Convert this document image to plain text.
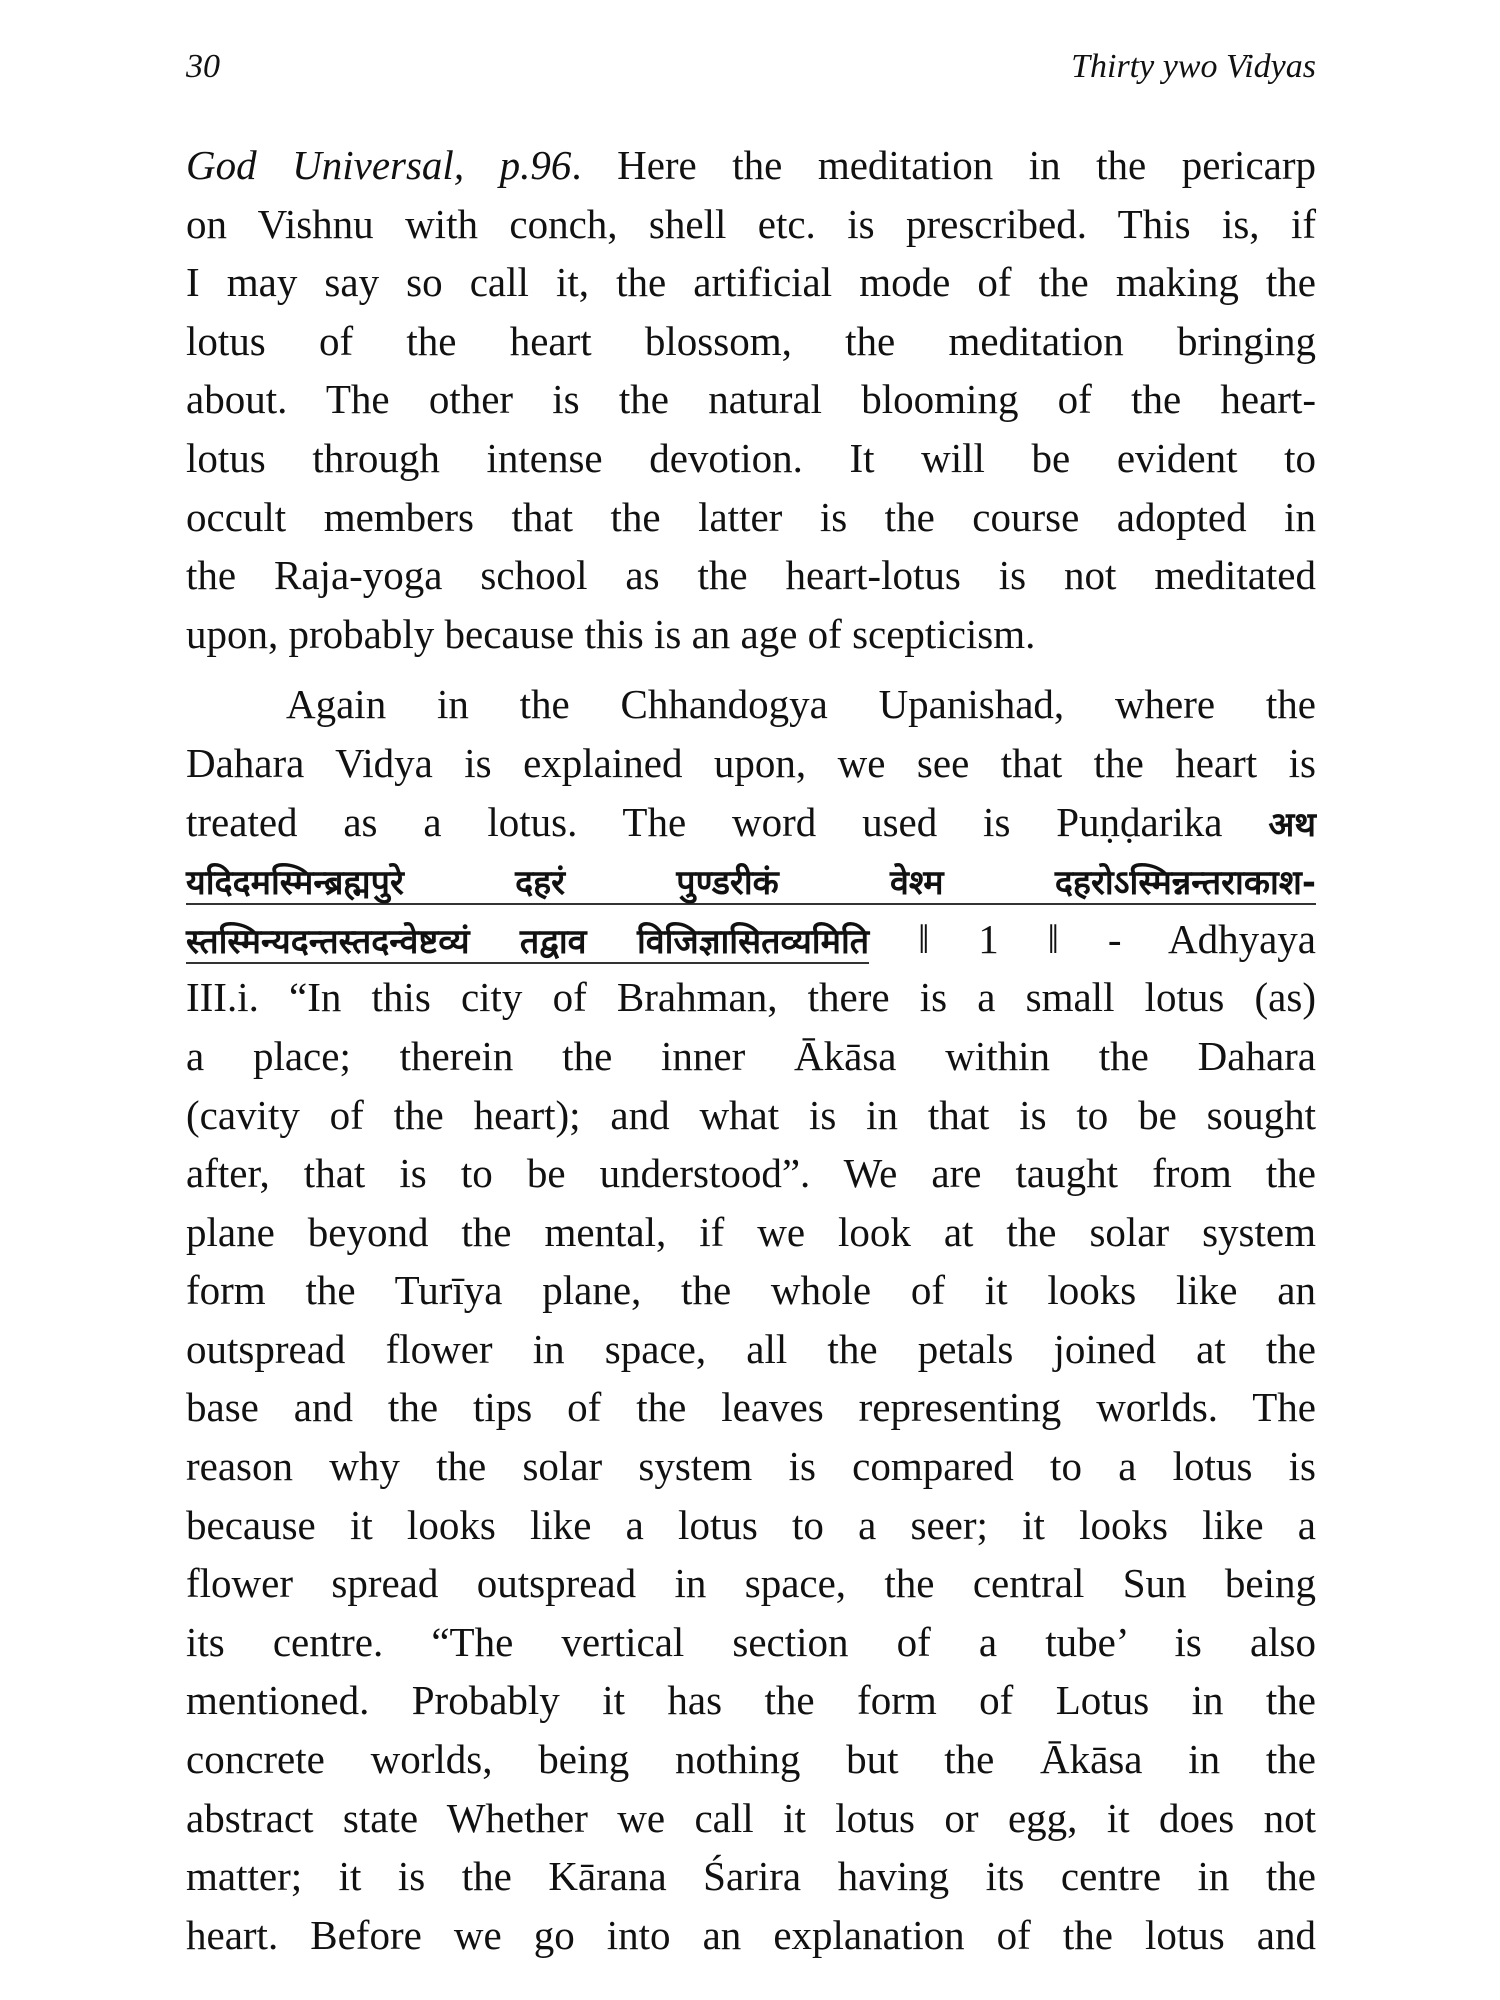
30	Thirty ywo Vidyas
God Universal, p.96. Here the meditation in the pericarp
on Vishnu with conch, shell etc. is prescribed. This is, if
I may say so call it, the artificial mode of the making the
lotus of the heart blossom, the meditation bringing
about. The other is the natural blooming of the heart-
lotus through intense devotion. It will be evident to
occult members that the latter is the course adopted in
the Raja-yoga school as the heart-lotus is not meditated
upon, probably because this is an age of scepticism.
Again in the Chhandogya Upanishad, where the
Dahara Vidya is explained upon, we see that the heart is
treated as a lotus. The word used is Puṇḍarika अथ
यदिदमस्मिन्ब्रह्मपुरे दहरं पुण्डरीकं वेश्म दहरोऽस्मिन्नन्तराकाश-
स्तस्मिन्यदन्तस्तदन्वेष्टव्यं तद्वाव विजिज्ञासितव्यमिति ǁ 1 ǁ - Adhyaya
III.i. “In this city of Brahman, there is a small lotus (as)
a place; therein the inner Ākāsa within the Dahara
(cavity of the heart); and what is in that is to be sought
after, that is to be understood”. We are taught from the
plane beyond the mental, if we look at the solar system
form the Turīya plane, the whole of it looks like an
outspread flower in space, all the petals joined at the
base and the tips of the leaves representing worlds. The
reason why the solar system is compared to a lotus is
because it looks like a lotus to a seer; it looks like a
flower spread outspread in space, the central Sun being
its centre. “The vertical section of a tube’ is also
mentioned. Probably it has the form of Lotus in the
concrete worlds, being nothing but the Ākāsa in the
abstract state Whether we call it lotus or egg, it does not
matter; it is the Kārana Śarira having its centre in the
heart. Before we go into an explanation of the lotus and
